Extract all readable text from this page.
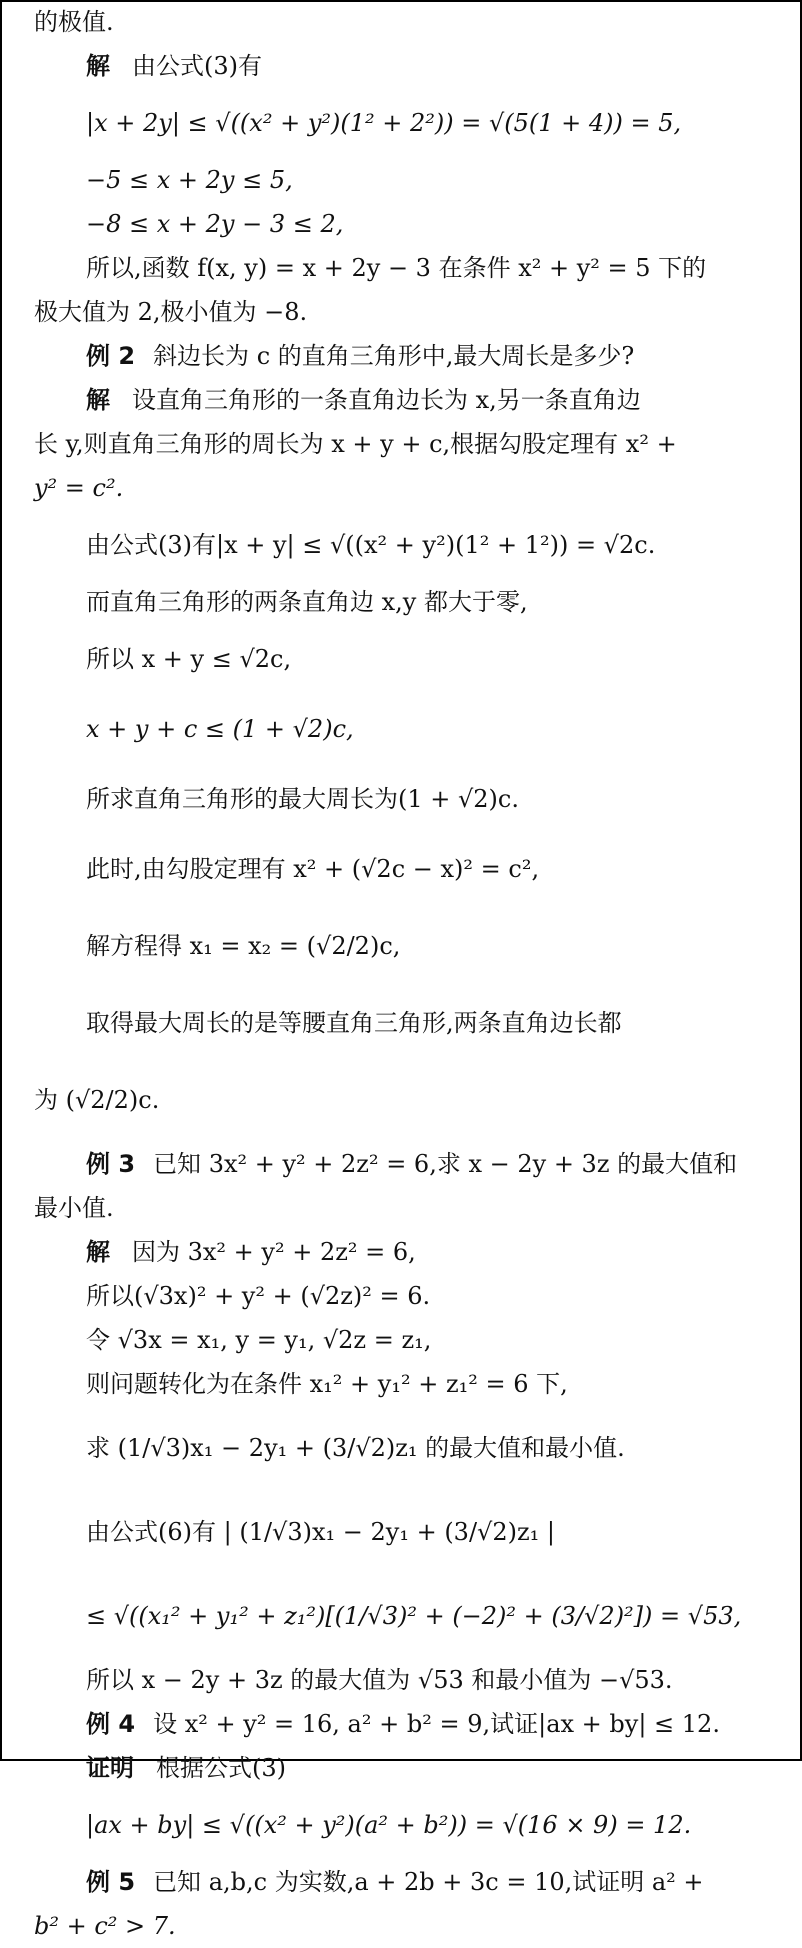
的极值.
解 由公式(3)有
|x + 2y| ≤ √((x² + y²)(1² + 2²)) = √(5(1 + 4)) = 5,
−5 ≤ x + 2y ≤ 5,
−8 ≤ x + 2y − 3 ≤ 2,
所以,函数 f(x, y) = x + 2y − 3 在条件 x² + y² = 5 下的
极大值为 2,极小值为 −8.
例 2 斜边长为 c 的直角三角形中,最大周长是多少?
解 设直角三角形的一条直角边长为 x,另一条直角边
长 y,则直角三角形的周长为 x + y + c,根据勾股定理有 x² +
y² = c².
由公式(3)有|x + y| ≤ √((x² + y²)(1² + 1²)) = √2c.
而直角三角形的两条直角边 x,y 都大于零,
所以 x + y ≤ √2c,
x + y + c ≤ (1 + √2)c,
所求直角三角形的最大周长为(1 + √2)c.
此时,由勾股定理有 x² + (√2c − x)² = c²,
解方程得 x₁ = x₂ = (√2/2)c,
取得最大周长的是等腰直角三角形,两条直角边长都
为 (√2/2)c.
例 3 已知 3x² + y² + 2z² = 6,求 x − 2y + 3z 的最大值和
最小值.
解 因为 3x² + y² + 2z² = 6,
所以(√3x)² + y² + (√2z)² = 6.
令 √3x = x₁, y = y₁, √2z = z₁,
则问题转化为在条件 x₁² + y₁² + z₁² = 6 下,
求 (1/√3)x₁ − 2y₁ + (3/√2)z₁ 的最大值和最小值.
由公式(6)有 | (1/√3)x₁ − 2y₁ + (3/√2)z₁ |
≤ √((x₁² + y₁² + z₁²)[(1/√3)² + (−2)² + (3/√2)²]) = √53,
所以 x − 2y + 3z 的最大值为 √53 和最小值为 −√53.
例 4 设 x² + y² = 16, a² + b² = 9,试证|ax + by| ≤ 12.
证明 根据公式(3)
|ax + by| ≤ √((x² + y²)(a² + b²)) = √(16 × 9) = 12.
例 5 已知 a,b,c 为实数,a + 2b + 3c = 10,试证明 a² +
b² + c² > 7.
